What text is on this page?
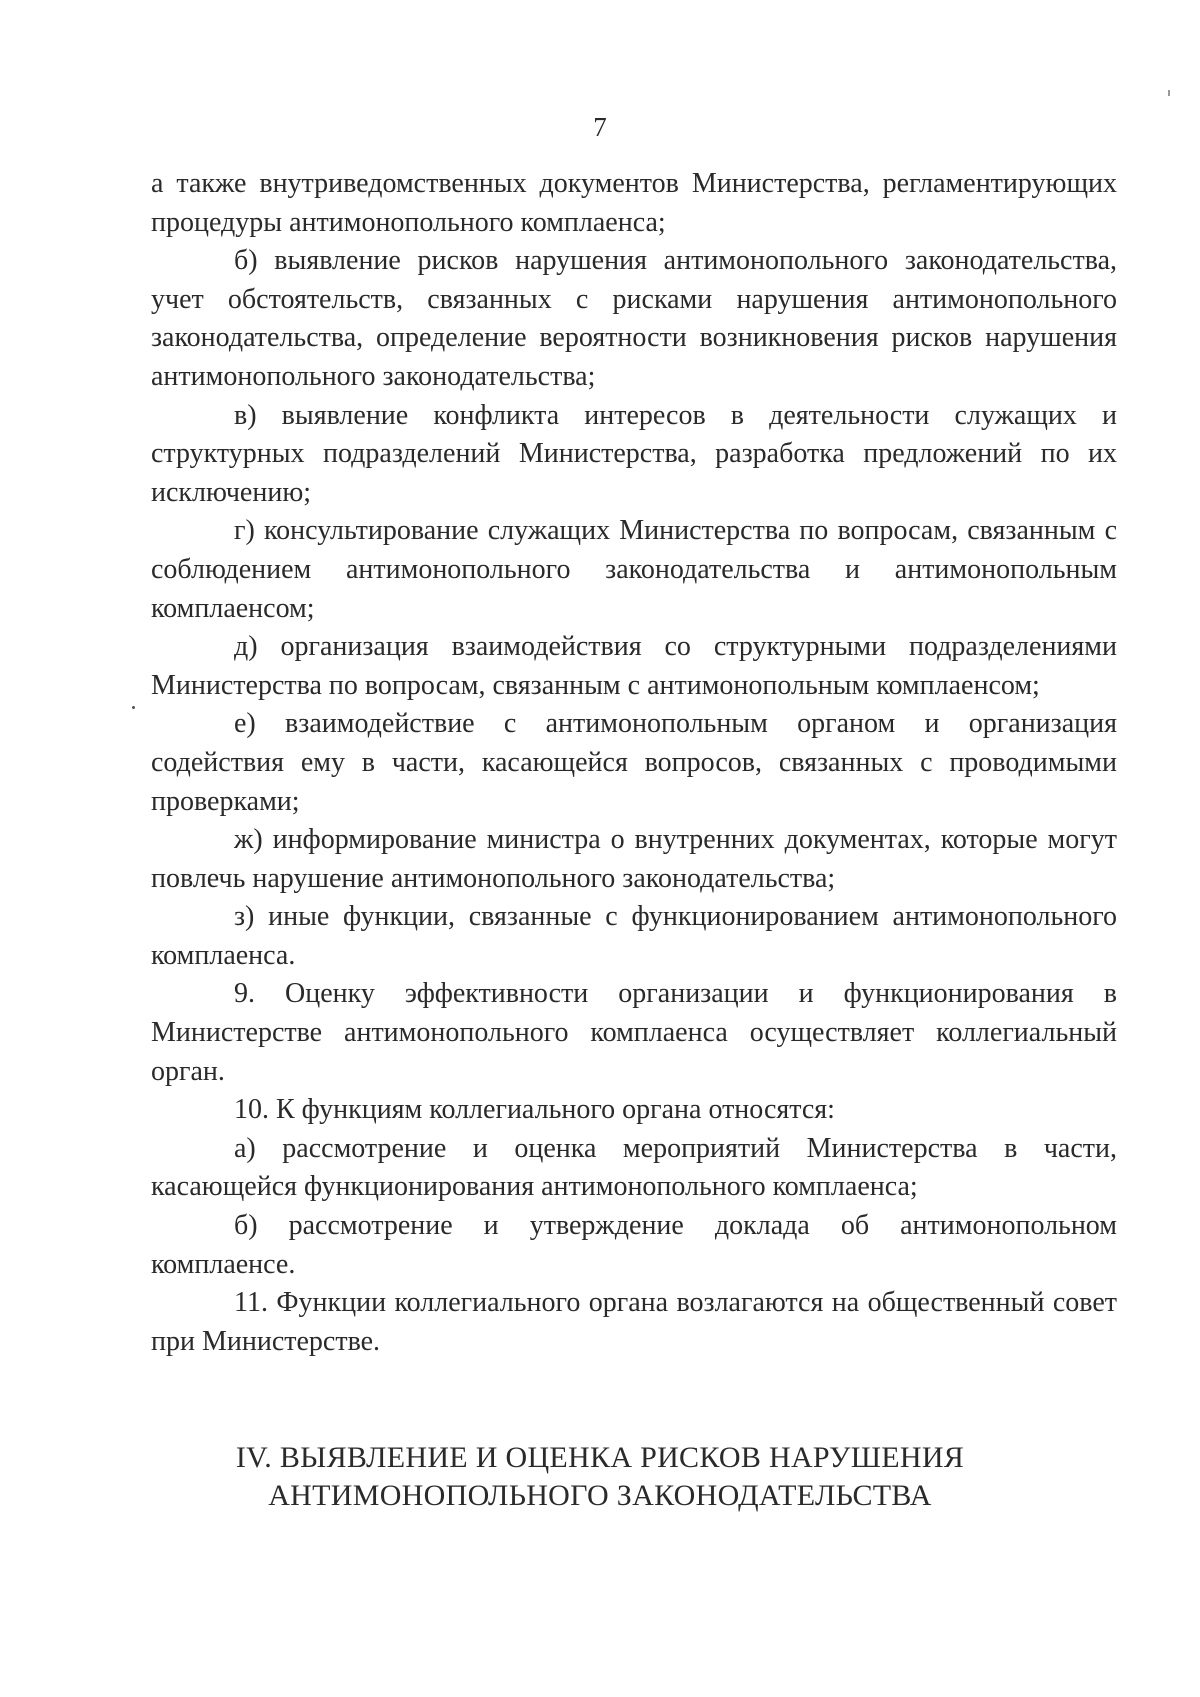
7

а также внутриведомственных документов Министерства, регламентирующих процедуры антимонопольного комплаенса;

б) выявление рисков нарушения антимонопольного законодательства, учет обстоятельств, связанных с рисками нарушения антимонопольного законодательства, определение вероятности возникновения рисков нарушения антимонопольного законодательства;

в) выявление конфликта интересов в деятельности служащих и структурных подразделений Министерства, разработка предложений по их исключению;

г) консультирование служащих Министерства по вопросам, связанным с соблюдением антимонопольного законодательства и антимонопольным комплаенсом;

д) организация взаимодействия со структурными подразделениями Министерства по вопросам, связанным с антимонопольным комплаенсом;

е) взаимодействие с антимонопольным органом и организация содействия ему в части, касающейся вопросов, связанных с проводимыми проверками;

ж) информирование министра о внутренних документах, которые могут повлечь нарушение антимонопольного законодательства;

з) иные функции, связанные с функционированием антимонопольного комплаенса.

9. Оценку эффективности организации и функционирования в Министерстве антимонопольного комплаенса осуществляет коллегиальный орган.

10. К функциям коллегиального органа относятся:

а) рассмотрение и оценка мероприятий Министерства в части, касающейся функционирования антимонопольного комплаенса;

б) рассмотрение и утверждение доклада об антимонопольном комплаенсе.

11. Функции коллегиального органа возлагаются на общественный совет при Министерстве.

IV. ВЫЯВЛЕНИЕ И ОЦЕНКА РИСКОВ НАРУШЕНИЯ
АНТИМОНОПОЛЬНОГО ЗАКОНОДАТЕЛЬСТВА
